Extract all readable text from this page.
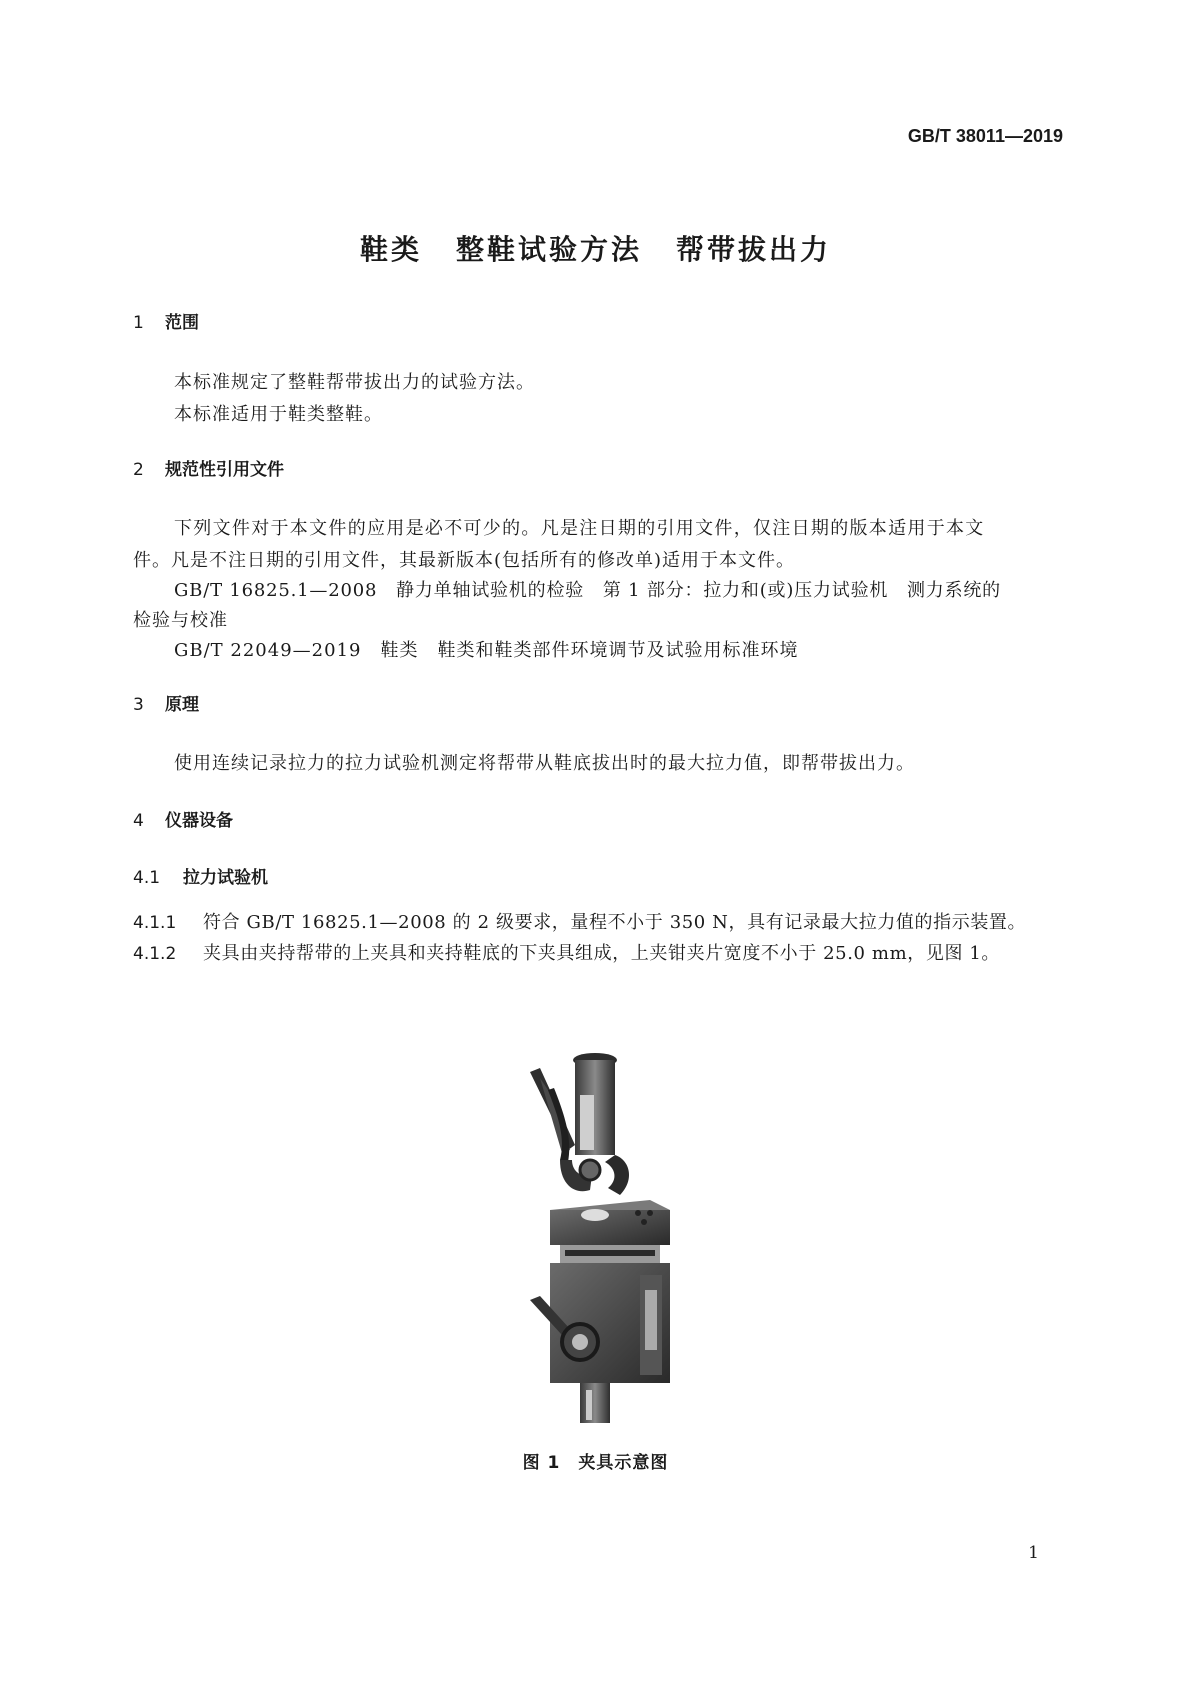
GB/T 38011—2019
鞋类 整鞋试验方法 帮带拔出力
1 范围
本标准规定了整鞋帮带拔出力的试验方法。
本标准适用于鞋类整鞋。
2 规范性引用文件
下列文件对于本文件的应用是必不可少的。凡是注日期的引用文件，仅注日期的版本适用于本文
件。凡是不注日期的引用文件，其最新版本(包括所有的修改单)适用于本文件。
GB/T 16825.1—2008　静力单轴试验机的检验　第 1 部分：拉力和(或)压力试验机　测力系统的
检验与校准
GB/T 22049—2019　鞋类　鞋类和鞋类部件环境调节及试验用标准环境
3 原理
使用连续记录拉力的拉力试验机测定将帮带从鞋底拔出时的最大拉力值，即帮带拔出力。
4 仪器设备
4.1 拉力试验机
4.1.1 符合 GB/T 16825.1—2008 的 2 级要求，量程不小于 350 N，具有记录最大拉力值的指示装置。
4.1.2 夹具由夹持帮带的上夹具和夹持鞋底的下夹具组成，上夹钳夹片宽度不小于 25.0 mm，见图 1。
图 1 夹具示意图
1
